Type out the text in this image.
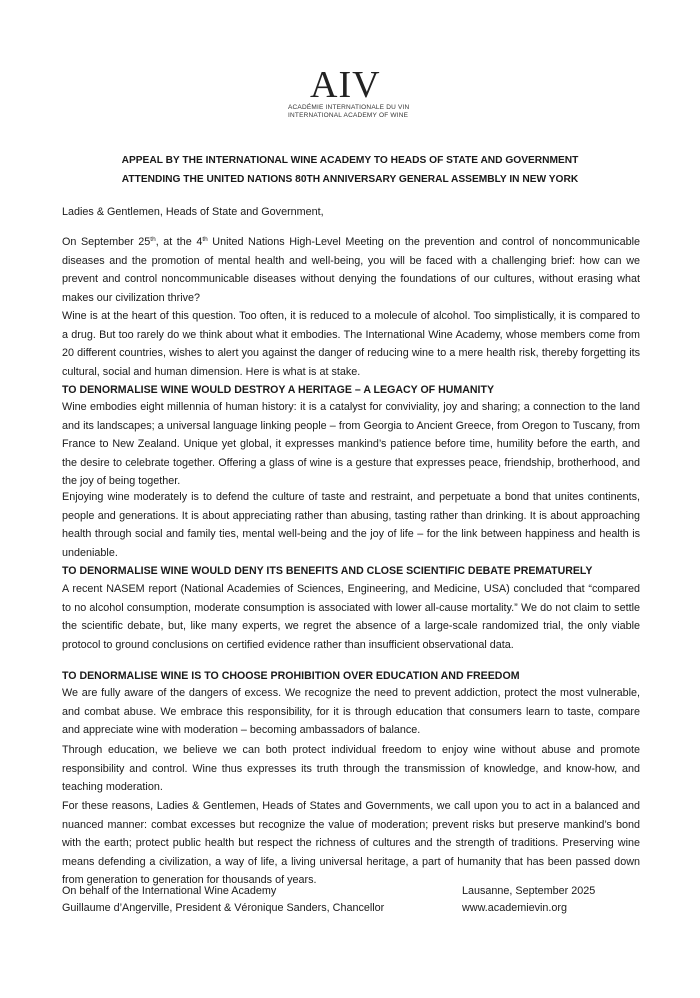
AIV
ACADÉMIE INTERNATIONALE DU VIN
INTERNATIONAL ACADEMY OF WINE
APPEAL BY THE INTERNATIONAL WINE ACADEMY TO HEADS OF STATE AND GOVERNMENT
ATTENDING THE UNITED NATIONS 80TH ANNIVERSARY GENERAL ASSEMBLY IN NEW YORK
Ladies & Gentlemen, Heads of State and Government,
On September 25th, at the 4th United Nations High-Level Meeting on the prevention and control of noncommunicable diseases and the promotion of mental health and well-being, you will be faced with a challenging brief: how can we prevent and control noncommunicable diseases without denying the foundations of our cultures, without erasing what makes our civilization thrive?
Wine is at the heart of this question. Too often, it is reduced to a molecule of alcohol. Too simplistically, it is compared to a drug. But too rarely do we think about what it embodies. The International Wine Academy, whose members come from 20 different countries, wishes to alert you against the danger of reducing wine to a mere health risk, thereby forgetting its cultural, social and human dimension. Here is what is at stake.
TO DENORMALISE WINE WOULD DESTROY A HERITAGE – A LEGACY OF HUMANITY
Wine embodies eight millennia of human history: it is a catalyst for conviviality, joy and sharing; a connection to the land and its landscapes; a universal language linking people – from Georgia to Ancient Greece, from Oregon to Tuscany, from France to New Zealand. Unique yet global, it expresses mankind’s patience before time, humility before the earth, and the desire to celebrate together. Offering a glass of wine is a gesture that expresses peace, friendship, brotherhood, and the joy of being together.
Enjoying wine moderately is to defend the culture of taste and restraint, and perpetuate a bond that unites continents, people and generations. It is about appreciating rather than abusing, tasting rather than drinking. It is about approaching health through social and family ties, mental well-being and the joy of life – for the link between happiness and health is undeniable.
TO DENORMALISE WINE WOULD DENY ITS BENEFITS AND CLOSE SCIENTIFIC DEBATE PREMATURELY
A recent NASEM report (National Academies of Sciences, Engineering, and Medicine, USA) concluded that “compared to no alcohol consumption, moderate consumption is associated with lower all-cause mortality.” We do not claim to settle the scientific debate, but, like many experts, we regret the absence of a large-scale randomized trial, the only viable protocol to ground conclusions on certified evidence rather than insufficient observational data.
TO DENORMALISE WINE IS TO CHOOSE PROHIBITION OVER EDUCATION AND FREEDOM
We are fully aware of the dangers of excess. We recognize the need to prevent addiction, protect the most vulnerable, and combat abuse. We embrace this responsibility, for it is through education that consumers learn to taste, compare and appreciate wine with moderation – becoming ambassadors of balance.
Through education, we believe we can both protect individual freedom to enjoy wine without abuse and promote responsibility and control. Wine thus expresses its truth through the transmission of knowledge, and know-how, and teaching moderation.
For these reasons, Ladies & Gentlemen, Heads of States and Governments, we call upon you to act in a balanced and nuanced manner: combat excesses but recognize the value of moderation; prevent risks but preserve mankind’s bond with the earth; protect public health but respect the richness of cultures and the strength of traditions. Preserving wine means defending a civilization, a way of life, a living universal heritage, a part of humanity that has been passed down from generation to generation for thousands of years.
On behalf of the International Wine Academy
Guillaume d’Angerville, President & Véronique Sanders, Chancellor
Lausanne, September 2025
www.academievin.org
